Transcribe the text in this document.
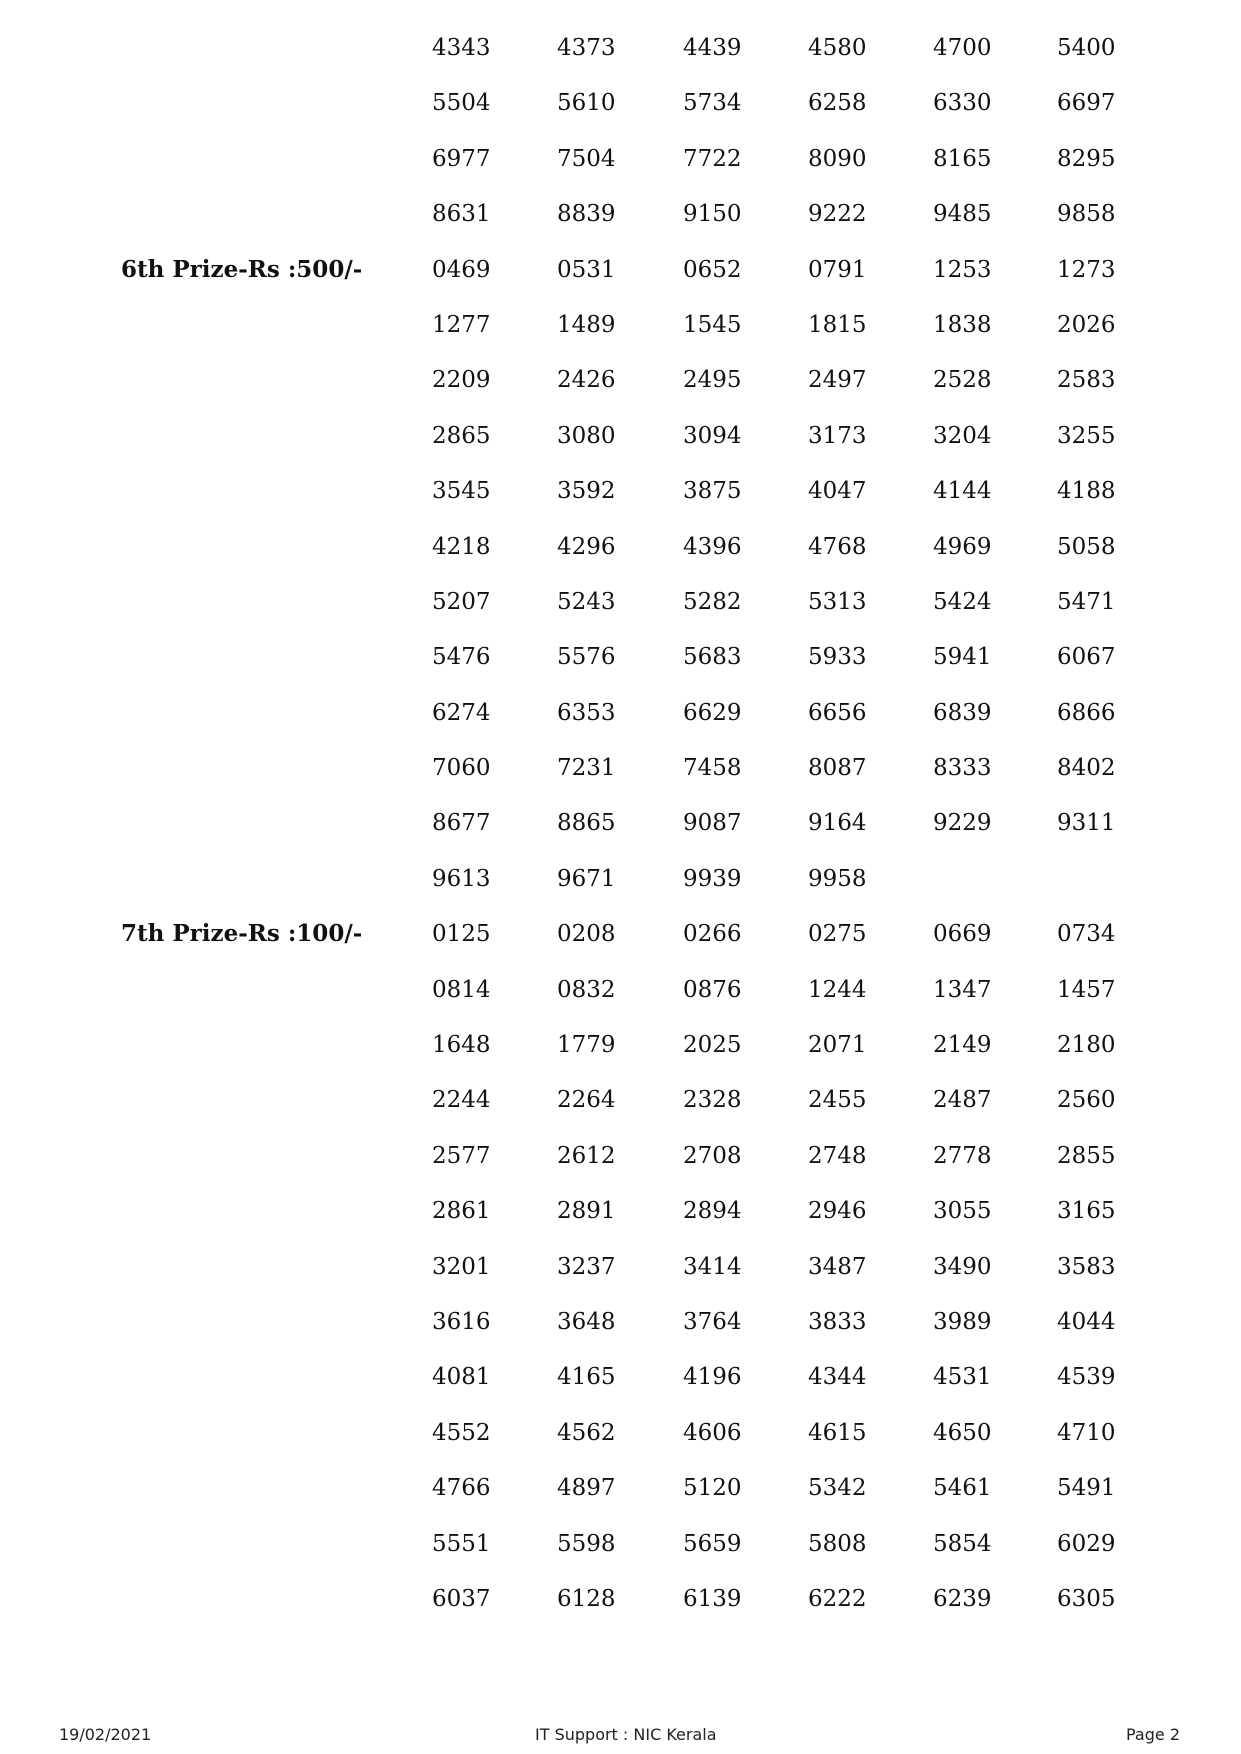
4343	4373	4439	4580	4700	5400
5504	5610	5734	6258	6330	6697
6977	7504	7722	8090	8165	8295
8631	8839	9150	9222	9485	9858
6th Prize-Rs :500/-	0469	0531	0652	0791	1253	1273
1277	1489	1545	1815	1838	2026
2209	2426	2495	2497	2528	2583
2865	3080	3094	3173	3204	3255
3545	3592	3875	4047	4144	4188
4218	4296	4396	4768	4969	5058
5207	5243	5282	5313	5424	5471
5476	5576	5683	5933	5941	6067
6274	6353	6629	6656	6839	6866
7060	7231	7458	8087	8333	8402
8677	8865	9087	9164	9229	9311
9613	9671	9939	9958
7th Prize-Rs :100/-	0125	0208	0266	0275	0669	0734
0814	0832	0876	1244	1347	1457
1648	1779	2025	2071	2149	2180
2244	2264	2328	2455	2487	2560
2577	2612	2708	2748	2778	2855
2861	2891	2894	2946	3055	3165
3201	3237	3414	3487	3490	3583
3616	3648	3764	3833	3989	4044
4081	4165	4196	4344	4531	4539
4552	4562	4606	4615	4650	4710
4766	4897	5120	5342	5461	5491
5551	5598	5659	5808	5854	6029
6037	6128	6139	6222	6239	6305
19/02/2021	IT Support : NIC Kerala	Page 2
